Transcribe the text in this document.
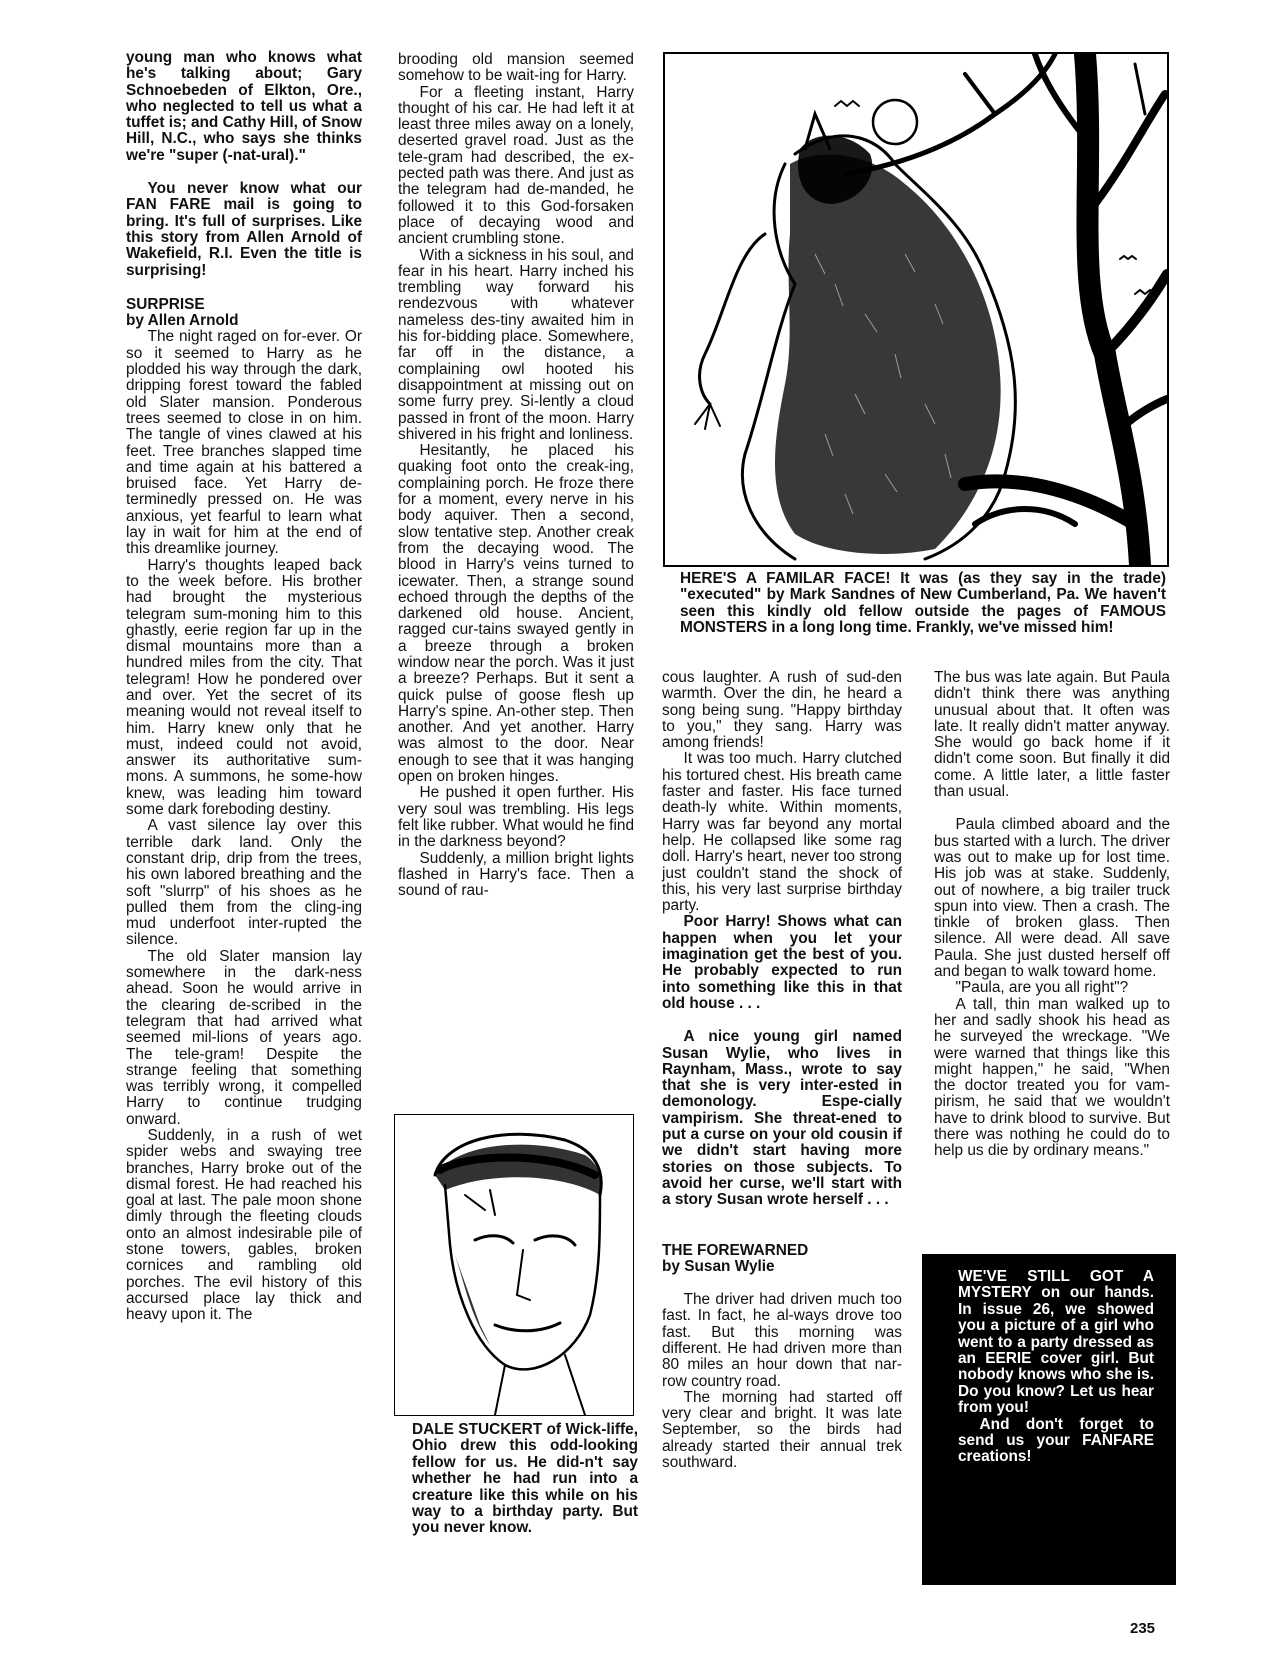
young man who knows what he's talking about; Gary Schnoebeden of Elkton, Ore., who neglected to tell us what a tuffet is; and Cathy Hill, of Snow Hill, N.C., who says she thinks we're "super (-nat-ural)."

You never know what our FAN FARE mail is going to bring. It's full of surprises. Like this story from Allen Arnold of Wakefield, R.I. Even the title is surprising!

SURPRISE

by Allen Arnold

The night raged on for-ever. Or so it seemed to Harry as he plodded his way through the dark, dripping forest toward the fabled old Slater mansion. Ponderous trees seemed to close in on him. The tangle of vines clawed at his feet. Tree branches slapped time and time again at his battered a bruised face. Yet Harry de-terminedly pressed on. He was anxious, yet fearful to learn what lay in wait for him at the end of this dreamlike journey.

Harry's thoughts leaped back to the week before. His brother had brought the mysterious telegram sum-moning him to this ghastly, eerie region far up in the dismal mountains more than a hundred miles from the city. That telegram! How he pondered over and over. Yet the secret of its meaning would not reveal itself to him. Harry knew only that he must, indeed could not avoid, answer its authoritative sum-mons. A summons, he some-how knew, was leading him toward some dark foreboding destiny.

A vast silence lay over this terrible dark land. Only the constant drip, drip from the trees, his own labored breathing and the soft "slurrp" of his shoes as he pulled them from the cling-ing mud underfoot inter-rupted the silence.

The old Slater mansion lay somewhere in the dark-ness ahead. Soon he would arrive in the clearing de-scribed in the telegram that had arrived what seemed mil-lions of years ago. The tele-gram! Despite the strange feeling that something was terribly wrong, it compelled Harry to continue trudging onward.

Suddenly, in a rush of wet spider webs and swaying tree branches, Harry broke out of the dismal forest. He had reached his goal at last. The pale moon shone dimly through the fleeting clouds onto an almost indesirable pile of stone towers, gables, broken cornices and rambling old porches. The evil history of this accursed place lay thick and heavy upon it. The

brooding old mansion seemed somehow to be wait-ing for Harry.

For a fleeting instant, Harry thought of his car. He had left it at least three miles away on a lonely, deserted gravel road. Just as the tele-gram had described, the ex-pected path was there. And just as the telegram had de-manded, he followed it to this God-forsaken place of decaying wood and ancient crumbling stone.

With a sickness in his soul, and fear in his heart. Harry inched his trembling way forward his rendezvous with whatever nameless des-tiny awaited him in his for-bidding place. Somewhere, far off in the distance, a complaining owl hooted his disappointment at missing out on some furry prey. Si-lently a cloud passed in front of the moon. Harry shivered in his fright and lonliness.

Hesitantly, he placed his quaking foot onto the creak-ing, complaining porch. He froze there for a moment, every nerve in his body aquiver. Then a second, slow tentative step. Another creak from the decaying wood. The blood in Harry's veins turned to icewater. Then, a strange sound echoed through the depths of the darkened old house. Ancient, ragged cur-tains swayed gently in a breeze through a broken window near the porch. Was it just a breeze? Perhaps. But it sent a quick pulse of goose flesh up Harry's spine. An-other step. Then another. And yet another. Harry was almost to the door. Near enough to see that it was hanging open on broken hinges.

He pushed it open further. His very soul was trembling. His legs felt like rubber. What would he find in the darkness beyond?

Suddenly, a million bright lights flashed in Harry's face. Then a sound of rau-

HERE'S A FAMILAR FACE! It was (as they say in the trade) "executed" by Mark Sandnes of New Cumberland, Pa. We haven't seen this kindly old fellow outside the pages of FAMOUS MONSTERS in a long long time. Frankly, we've missed him!
DALE STUCKERT of Wick-liffe, Ohio drew this odd-looking fellow for us. He did-n't say whether he had run into a creature like this while on his way to a birthday party. But you never know.

cous laughter. A rush of sud-den warmth. Over the din, he heard a song being sung. "Happy birthday to you," they sang. Harry was among friends!

It was too much. Harry clutched his tortured chest. His breath came faster and faster. His face turned death-ly white. Within moments, Harry was far beyond any mortal help. He collapsed like some rag doll. Harry's heart, never too strong just couldn't stand the shock of this, his very last surprise birthday party.

Poor Harry! Shows what can happen when you let your imagination get the best of you. He probably expected to run into something like this in that old house . . .

A nice young girl named Susan Wylie, who lives in Raynham, Mass., wrote to say that she is very inter-ested in demonology. Espe-cially vampirism. She threat-ened to put a curse on your old cousin if we didn't start having more stories on those subjects. To avoid her curse, we'll start with a story Susan wrote herself . . .

THE FOREWARNED

by Susan Wylie

The driver had driven much too fast. In fact, he al-ways drove too fast. But this morning was different. He had driven more than 80 miles an hour down that nar-row country road.

The morning had started off very clear and bright. It was late September, so the birds had already started their annual trek southward.

The bus was late again. But Paula didn't think there was anything unusual about that. It often was late. It really didn't matter anyway. She would go back home if it didn't come soon. But finally it did come. A little later, a little faster than usual.

Paula climbed aboard and the bus started with a lurch. The driver was out to make up for lost time. His job was at stake. Suddenly, out of nowhere, a big trailer truck spun into view. Then a crash. The tinkle of broken glass. Then silence. All were dead. All save Paula. She just dusted herself off and began to walk toward home.

"Paula, are you all right"?

A tall, thin man walked up to her and sadly shook his head as he surveyed the wreckage. "We were warned that things like this might happen," he said, "When the doctor treated you for vam-pirism, he said that we wouldn't have to drink blood to survive. But there was nothing he could do to help us die by ordinary means."

WE'VE STILL GOT A MYSTERY on our hands. In issue 26, we showed you a picture of a girl who went to a party dressed as an EERIE cover girl. But nobody knows who she is. Do you know? Let us hear from you!

And don't forget to send us your FANFARE creations!

235
